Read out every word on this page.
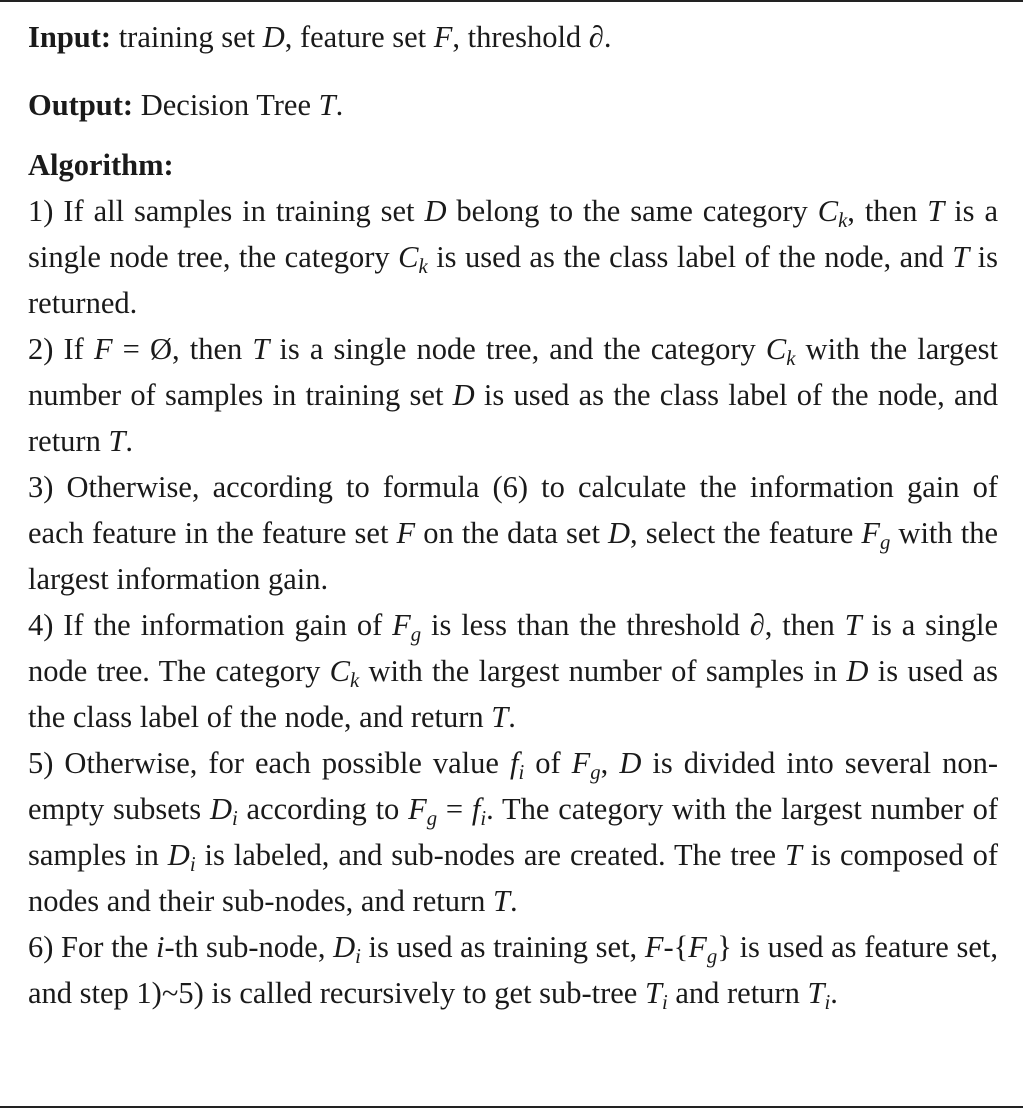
Input: training set D, feature set F, threshold ∂.
Output: Decision Tree T.
Algorithm:
1) If all samples in training set D belong to the same category $C_k$, then T is a single node tree, the category $C_k$ is used as the class label of the node, and T is returned.
2) If F = Ø, then T is a single node tree, and the category $C_k$ with the largest number of samples in training set D is used as the class label of the node, and return T.
3) Otherwise, according to formula (6) to calculate the information gain of each feature in the feature set F on the data set D, select the feature $F_g$ with the largest information gain.
4) If the information gain of $F_g$ is less than the threshold ∂, then T is a single node tree. The category $C_k$ with the largest number of samples in D is used as the class label of the node, and return T.
5) Otherwise, for each possible value $f_i$ of $F_g$, D is divided into several non-empty subsets $D_i$ according to $F_g = f_i$. The category with the largest number of samples in $D_i$ is labeled, and sub-nodes are created. The tree T is composed of nodes and their sub-nodes, and return T.
6) For the i-th sub-node, $D_i$ is used as training set, $F-\{F_g\}$ is used as feature set, and step 1)~5) is called recursively to get sub-tree $T_i$ and return $T_i$.
